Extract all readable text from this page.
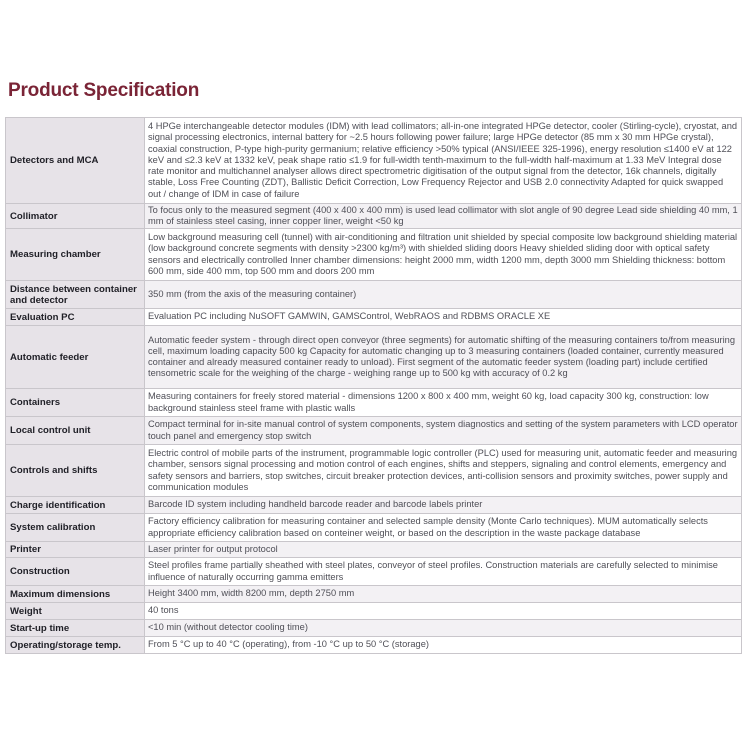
Product Specification
Detectors and MCA	4 HPGe interchangeable detector modules (IDM) with lead collimators; all-in-one integrated HPGe detector, cooler (Stirling-cycle), cryostat, and signal processing electronics, internal battery for ~2.5 hours following power failure; large HPGe detector (85 mm x 30 mm HPGe crystal), coaxial construction, P-type high-purity germanium; relative efficiency >50% typical (ANSI/IEEE 325-1996), energy resolution ≤1400 eV at 122 keV and ≤2.3 keV at 1332 keV, peak shape ratio ≤1.9 for full-width tenth-maximum to the full-width half-maximum at 1.33 MeV Integral dose rate monitor and multichannel analyser allows direct spectrometric digitisation of the output signal from the detector, 16k channels, digitally stable, Loss Free Counting (ZDT), Ballistic Deficit Correction, Low Frequency Rejector and USB 2.0 connectivity Adapted for quick swapped out / change of IDM in case of failure
Collimator	To focus only to the measured segment (400 x 400 x 400 mm) is used lead collimator with slot angle of 90 degree Lead side shielding 40 mm, 1 mm of stainless steel casing, inner copper liner, weight <50 kg
Measuring chamber	Low background measuring cell (tunnel) with air-conditioning and filtration unit shielded by special composite low background shielding material (low background concrete segments with density >2300 kg/m³) with shielded sliding doors Heavy shielded sliding door with optical safety sensors and electrically controlled Inner chamber dimensions: height 2000 mm, width 1200 mm, depth 3000 mm Shielding thickness: bottom 600 mm, side 400 mm, top 500 mm and doors 200 mm
Distance between container and detector	350 mm (from the axis of the measuring container)
Evaluation PC	Evaluation PC including NuSOFT GAMWIN, GAMSControl, WebRAOS and RDBMS ORACLE XE
Automatic feeder	Automatic feeder system - through direct open conveyor (three segments) for automatic shifting of the measuring containers to/from measuring cell, maximum loading capacity 500 kg Capacity for automatic changing up to 3 measuring containers (loaded container, currently measured container and already measured container ready to unload). First segment of the automatic feeder system (loading part) include certified tensometric scale for the weighing of the charge - weighing range up to 500 kg with accuracy of 0.2 kg
Containers	Measuring containers for freely stored material - dimensions 1200 x 800 x 400 mm, weight 60 kg, load capacity 300 kg, construction: low background stainless steel frame with plastic walls
Local control unit	Compact terminal for in-site manual control of system components, system diagnostics and setting of the system parameters with LCD operator touch panel and emergency stop switch
Controls and shifts	Electric control of mobile parts of the instrument, programmable logic controller (PLC) used for measuring unit, automatic feeder and measuring chamber, sensors signal processing and motion control of each engines, shifts and steppers, signaling and control elements, emergency and safety sensors and barriers, stop switches, circuit breaker protection devices, anti-collision sensors and proximity switches, power supply and communication modules
Charge identification	Barcode ID system including handheld barcode reader and barcode labels printer
System calibration	Factory efficiency calibration for measuring container and selected sample density (Monte Carlo techniques). MUM automatically selects appropriate efficiency calibration based on conteiner weight, or based on the description in the waste package database
Printer	Laser printer for output protocol
Construction	Steel profiles frame partially sheathed with steel plates, conveyor of steel profiles. Construction materials are carefully selected to minimise influence of naturally occurring gamma emitters
Maximum dimensions	Height 3400 mm, width 8200 mm, depth 2750 mm
Weight	40 tons
Start-up time	<10 min (without detector cooling time)
Operating/storage temp.	From 5 °C up to 40 °C (operating), from -10 °C up to 50 °C (storage)
